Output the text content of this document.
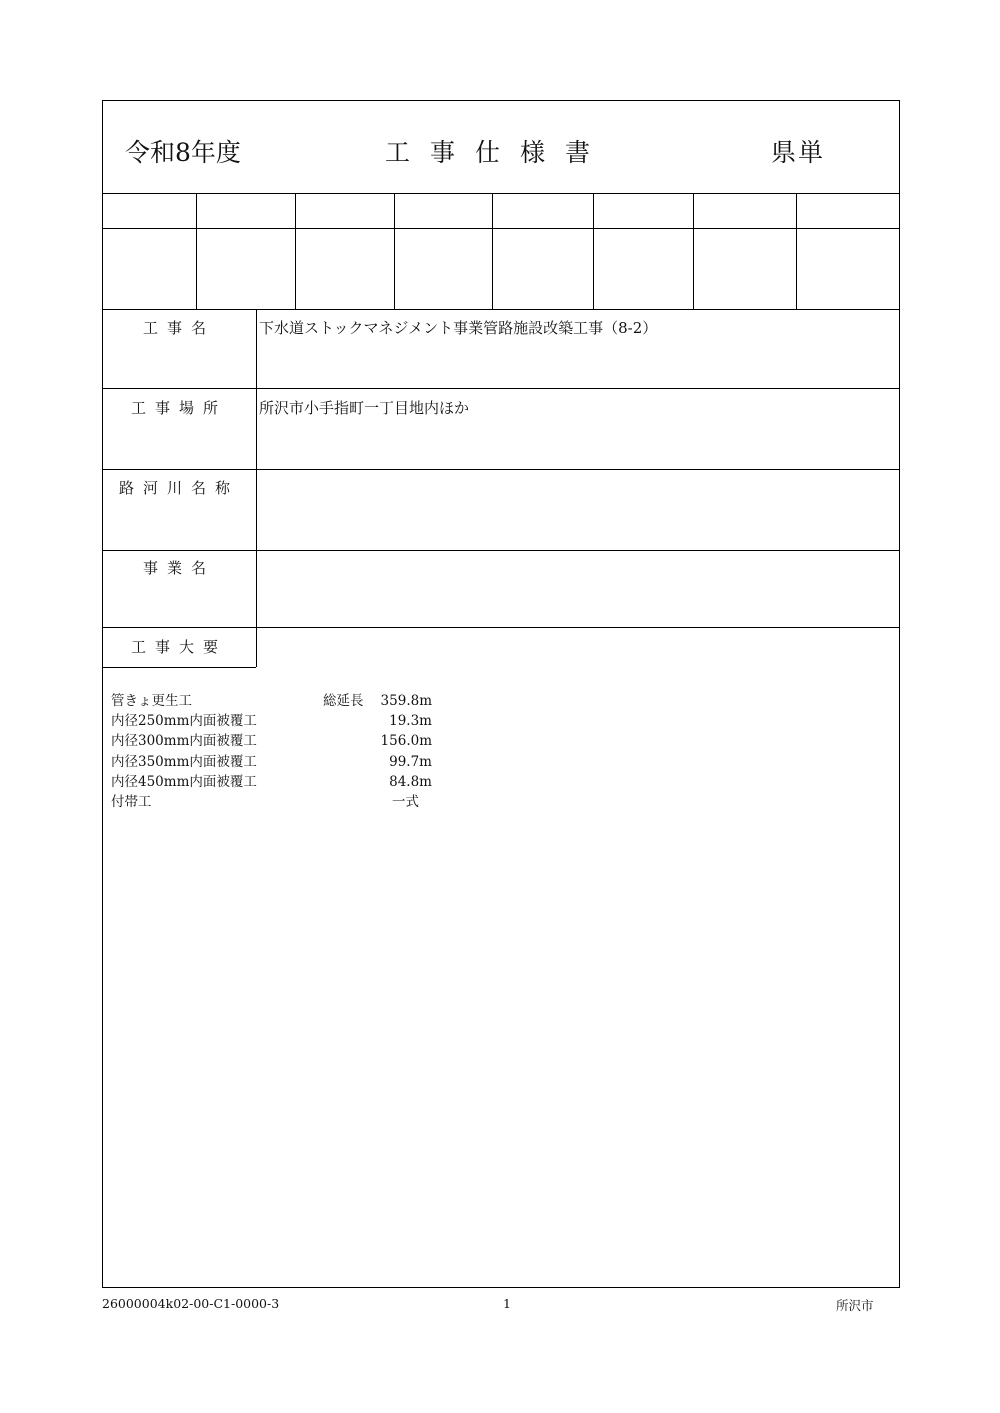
令和8年度	工事仕様書	県単
工事名	下水道ストックマネジメント事業管路施設改築工事（8-2）
工事場所	所沢市小手指町一丁目地内ほか
路河川名称
事業名
工事大要
管きょ更生工	総延長 359.8m
内径250mm内面被覆工	19.3m
内径300mm内面被覆工	156.0m
内径350mm内面被覆工	99.7m
内径450mm内面被覆工	84.8m
付帯工	一式
26000004k02-00-C1-0000-3	1	所沢市
